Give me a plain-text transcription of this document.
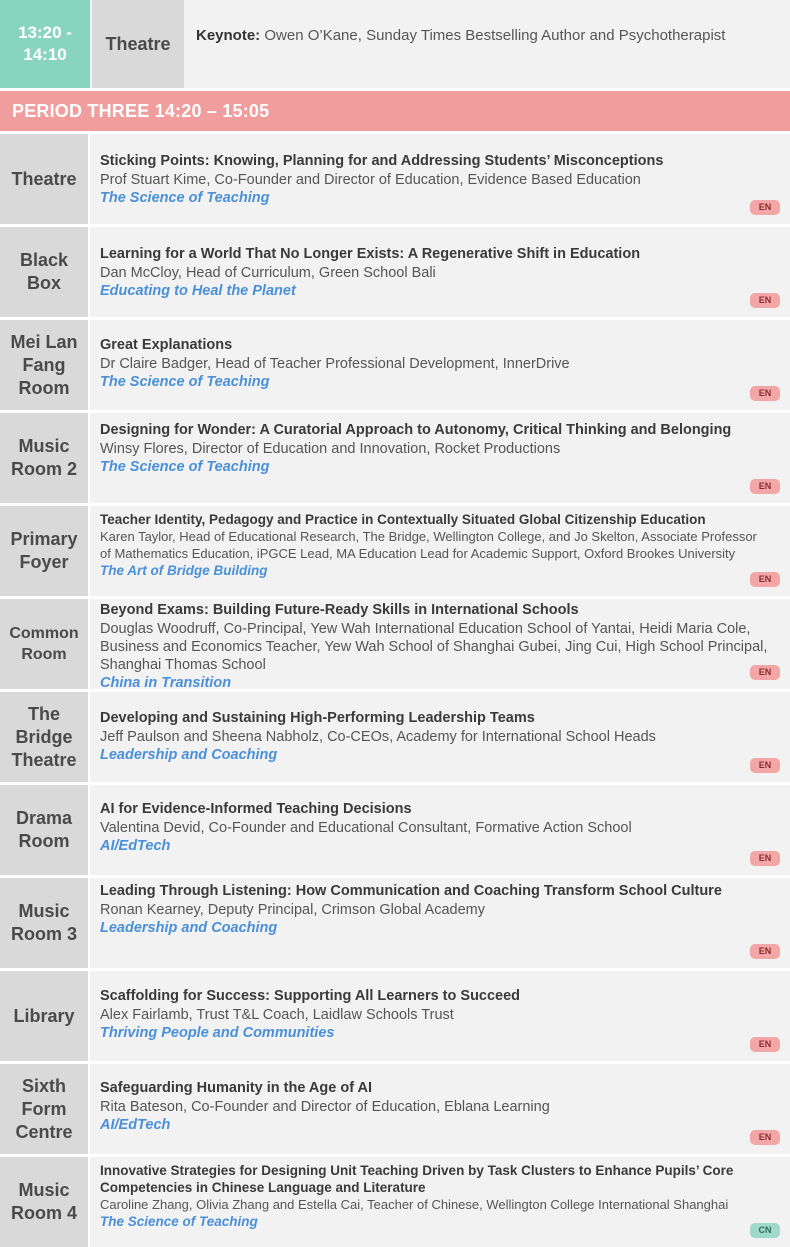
13:20 - 14:10
Theatre	Keynote: Owen O’Kane, Sunday Times Bestselling Author and Psychotherapist
PERIOD THREE 14:20 – 15:05
Theatre
Sticking Points: Knowing, Planning for and Addressing Students’ Misconceptions
Prof Stuart Kime, Co-Founder and Director of Education, Evidence Based Education
The Science of Teaching
EN
Black Box
Learning for a World That No Longer Exists: A Regenerative Shift in Education
Dan McCloy, Head of Curriculum, Green School Bali
Educating to Heal the Planet
EN
Mei Lan Fang Room
Great Explanations
Dr Claire Badger, Head of Teacher Professional Development, InnerDrive
The Science of Teaching
EN
Music Room 2
Designing for Wonder: A Curatorial Approach to Autonomy, Critical Thinking and Belonging
Winsy Flores, Director of Education and Innovation, Rocket Productions
The Science of Teaching
EN
Primary Foyer
Teacher Identity, Pedagogy and Practice in Contextually Situated Global Citizenship Education
Karen Taylor, Head of Educational Research, The Bridge, Wellington College, and Jo Skelton, Associate Professor of Mathematics Education, iPGCE Lead, MA Education Lead for Academic Support, Oxford Brookes University
The Art of Bridge Building
EN
Common Room
Beyond Exams: Building Future-Ready Skills in International Schools
Douglas Woodruff, Co-Principal, Yew Wah International Education School of Yantai, Heidi Maria Cole, Business and Economics Teacher, Yew Wah School of Shanghai Gubei, Jing Cui, High School Principal, Shanghai Thomas School
China in Transition
EN
The Bridge Theatre
Developing and Sustaining High-Performing Leadership Teams
Jeff Paulson and Sheena Nabholz, Co-CEOs, Academy for International School Heads
Leadership and Coaching
EN
Drama Room
AI for Evidence-Informed Teaching Decisions
Valentina Devid, Co-Founder and Educational Consultant, Formative Action School
AI/EdTech
EN
Music Room 3
Leading Through Listening: How Communication and Coaching Transform School Culture
Ronan Kearney, Deputy Principal, Crimson Global Academy
Leadership and Coaching
EN
Library
Scaffolding for Success: Supporting All Learners to Succeed
Alex Fairlamb, Trust T&L Coach, Laidlaw Schools Trust
Thriving People and Communities
EN
Sixth Form Centre
Safeguarding Humanity in the Age of AI
Rita Bateson, Co-Founder and Director of Education, Eblana Learning
AI/EdTech
EN
Music Room 4
Innovative Strategies for Designing Unit Teaching Driven by Task Clusters to Enhance Pupils’ Core Competencies in Chinese Language and Literature
Caroline Zhang, Olivia Zhang and Estella Cai, Teacher of Chinese, Wellington College International Shanghai
The Science of Teaching
CN
